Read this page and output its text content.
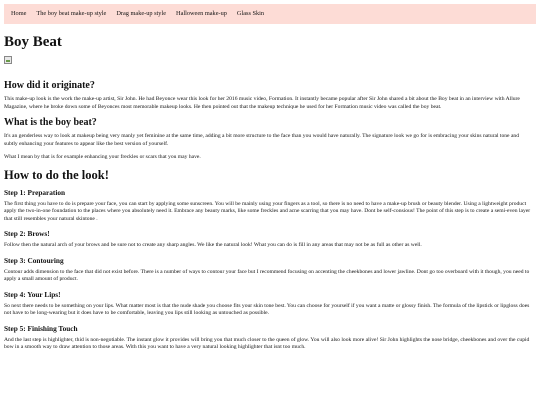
Home	The boy beat make-up style	Drag make-up style	Halloween make-up	Glass Skin
Boy Beat
How did it originate?

This make-up look is the work the make-up artist, Sir John. He had Beyonce wear this look for her 2016 music video, Formation. It instantly became popular after Sir John shared a bit about the Boy beat in an interview with Allure Magazine, where he broke down some of Beyonces most memorable makeup looks. He then pointed out that the makeup technique he used for her Formation music video was called the boy beat.

What is the boy beat?

It's an genderless way to look at makeup being very manly yet feminine at the same time, adding a bit more structure to the face than you would have naturally. The signature look we go for is embracing your skins natural tone and subtly enhancing your features to appear like the best version of yourself.

What I mean by that is for example enhancing your freckles or scars that you may have.

How to do the look!
Step 1: Preparation

The first thing you have to do is prepare your face, you can start by applying some sunscreen. You will be mainly using your fingers as a tool, so there is no need to have a make-up brush or beauty blender. Using a lightweight product apply the two-in-one foundation to the places where you absolutely need it. Embrace any beauty marks, like some freckles and acne scarring that you may have. Dont be self-consious! The point of this step is to create a semi-even layer that still resembles your natural skintone .

Step 2: Brows!

Follow then the natural arch of your brows and be sure not to create any sharp angles. We like the natural look! What you can do is fill in any areas that may not be as full as other as well.

Step 3: Contouring

Contour adds dimension to the face that did not exist before. There is a number of ways to contour your face but I recommend focusing on accenting the cheekbones and lower jawline. Dont go too overboard with it though, you need to apply a small amount of product.

Step 4: Your Lips!

So next there needs to be something on your lips. What matter most is that the nude shade you choose fits your skin tone best. You can choose for yourself if you want a matte or glossy finish. The formula of the lipstick or lipgloss does not have to be long-wearing but it does have to be comfortable, leaving you lips still looking as untouched as possible.

Step 5: Finishing Touch

And the last step is highlighter, thid is non-negotiable. The instant glow it provides will bring you that much closer to the queen of glow. You will also look more alive! Sir John highlights the nose bridge, cheekbones and over the cupid bow in a smooth way to draw attention to those areas. With this you want to have a very natural looking highlighter that isnt too much.
